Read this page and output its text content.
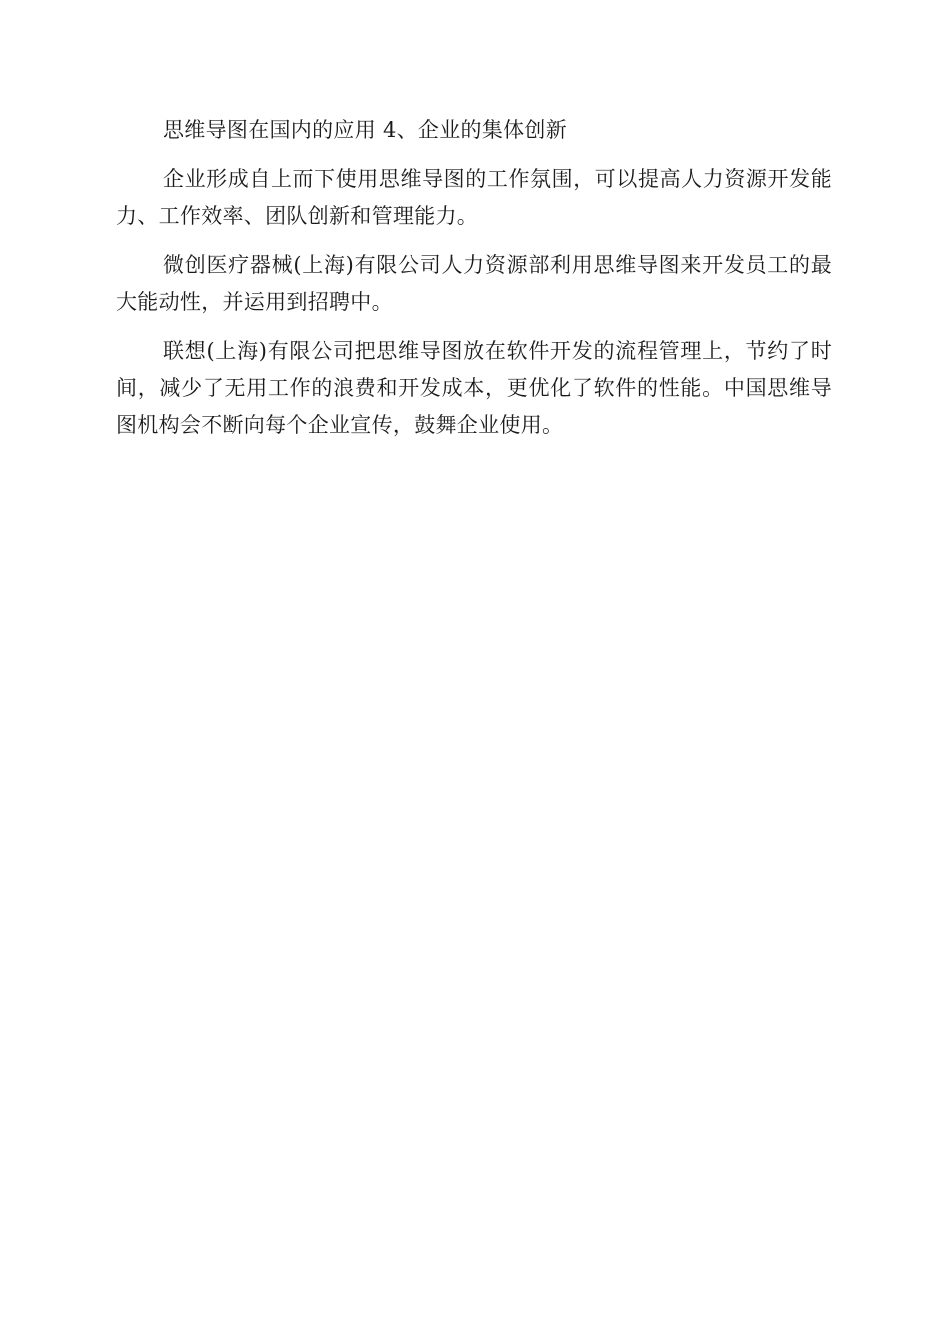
思维导图在国内的应用 4、企业的集体创新

企业形成自上而下使用思维导图的工作氛围，可以提高人力资源开发能力、工作效率、团队创新和管理能力。

微创医疗器械(上海)有限公司人力资源部利用思维导图来开发员工的最大能动性，并运用到招聘中。

联想(上海)有限公司把思维导图放在软件开发的流程管理上，节约了时间，减少了无用工作的浪费和开发成本，更优化了软件的性能。中国思维导图机构会不断向每个企业宣传，鼓舞企业使用。
